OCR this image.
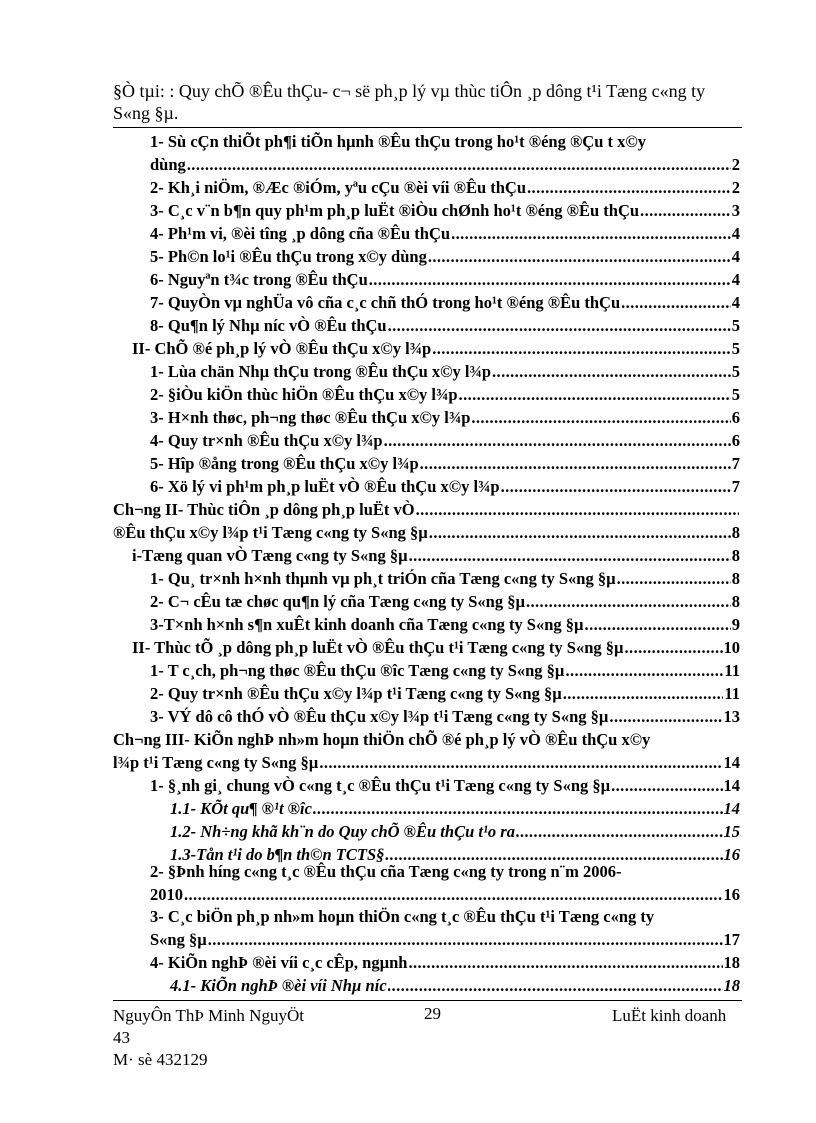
§Ò tµi: : Quy chÕ ®Êu thÇu- c¬ së ph¸p lý vµ thùc tiÔn ¸p dông t¹i Tæng c«ng ty S«ng §µ.
1- Sù cÇn thiÕt ph¶i tiÕn hµnh ®Êu thÇu trong ho¹t ®éng ®Çu t x©y
dùng .....	2
2- Kh¸i niÖm, ®Æc ®iÓm, yªu cÇu ®èi víi ®Êu thÇu .....	2
3- C¸c v¨n b¶n quy ph¹m ph¸p luËt ®iÒu chØnh ho¹t ®éng ®Êu thÇu .....	3
4- Ph¹m vi, ®èi tîng ¸p dông cña ®Êu thÇu .....	4
5- Ph©n lo¹i ®Êu thÇu trong x©y dùng .....	4
6- Nguyªn t¾c trong ®Êu thÇu .....	4
7- QuyÒn vµ nghÜa vô cña c¸c chñ thÓ trong ho¹t ®éng ®Êu thÇu .....	4
8- Qu¶n lý Nhµ níc vÒ ®Êu thÇu .....	5
II- ChÕ ®é ph¸p lý vÒ ®Êu thÇu x©y l¾p .....	5
1- Lùa chän Nhµ thÇu trong ®Êu thÇu x©y l¾p .....	5
2- §iÒu kiÖn thùc hiÖn ®Êu thÇu x©y l¾p .....	5
3- H×nh thøc, ph¬ng thøc ®Êu thÇu x©y l¾p .....	6
4- Quy tr×nh ®Êu thÇu x©y l¾p .....	6
5- Hîp ®ång trong ®Êu thÇu x©y l¾p .....	7
6- Xö lý vi ph¹m ph¸p luËt vÒ ®Êu thÇu x©y l¾p .....	7
Ch¬ng II- Thùc tiÔn ¸p dông ph¸p luËt vÒ
.....
®Êu thÇu x©y l¾p t¹i Tæng c«ng ty S«ng §µ .....	8
i-Tæng quan vÒ Tæng c«ng ty S«ng §µ .....	8
1- Qu¸ tr×nh h×nh thµnh vµ ph¸t triÓn cña Tæng c«ng ty S«ng §µ .....	8
2- C¬ cÊu tæ chøc qu¶n lý cña Tæng c«ng ty S«ng §µ .....	8
3-T×nh h×nh s¶n xuÊt kinh doanh cña Tæng c«ng ty S«ng §µ .....	9
II- Thùc tÕ ¸p dông ph¸p luËt vÒ ®Êu thÇu t¹i Tæng c«ng ty S«ng §µ .....	10
1- T c¸ch, ph¬ng thøc ®Êu thÇu ®îc Tæng c«ng ty S«ng §µ .....	11
2- Quy tr×nh ®Êu thÇu x©y l¾p t¹i Tæng c«ng ty S«ng §µ .....	11
3- VÝ dô cô thÓ vÒ ®Êu thÇu x©y l¾p t¹i Tæng c«ng ty S«ng §µ .....	13
Ch¬ng III- KiÕn nghÞ nh»m hoµn thiÖn chÕ ®é ph¸p lý vÒ ®Êu thÇu x©y
l¾p t¹i Tæng c«ng ty S«ng §µ .....	14
1- §¸nh gi¸ chung vÒ c«ng t¸c ®Êu thÇu t¹i Tæng c«ng ty S«ng §µ .....	14
1.1- KÕt qu¶ ®¹t ®îc .....	14
1.2- Nh÷ng khã kh¨n do Quy chÕ ®Êu thÇu t¹o ra .....	15
1.3-Tån t¹i do b¶n th©n TCTS§ .....	16
2- §Þnh híng c«ng t¸c ®Êu thÇu cña Tæng c«ng ty trong n¨m 2006-
2010 .....	16
3- C¸c biÖn ph¸p nh»m hoµn thiÖn c«ng t¸c ®Êu thÇu t¹i Tæng c«ng ty
S«ng §µ .....	17
4- KiÕn nghÞ ®èi víi c¸c cÊp, ngµnh .....	18
4.1- KiÕn nghÞ ®èi víi Nhµ níc .....	18
NguyÔn ThÞ Minh NguyÖt	29	LuËt kinh doanh
43
M· sè 432129
